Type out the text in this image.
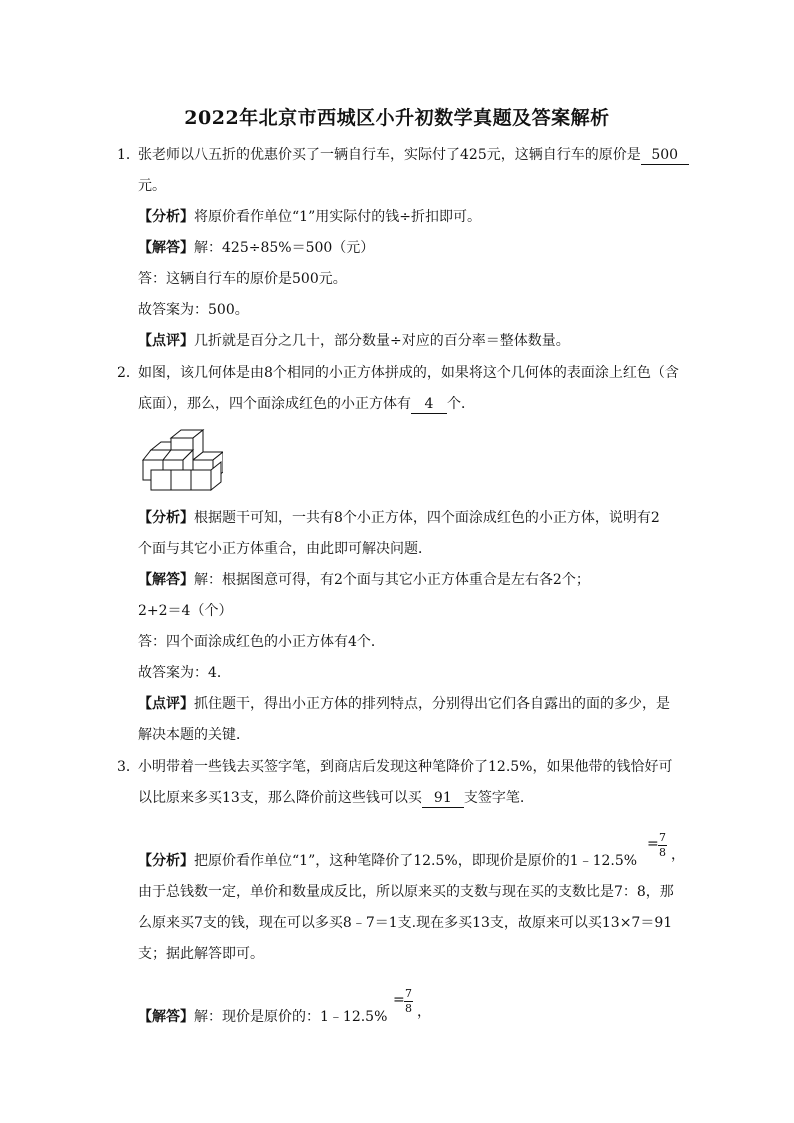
2022年北京市西城区小升初数学真题及答案解析
1．
张老师以八五折的优惠价买了一辆自行车，实际付了425元，这辆自行车的原价是 500
元。
【分析】将原价看作单位“1”用实际付的钱÷折扣即可。
【解答】解：425÷85%＝500（元）
答：这辆自行车的原价是500元。
故答案为：500。
【点评】几折就是百分之几十，部分数量÷对应的百分率＝整体数量。
2．
如图，该几何体是由8个相同的小正方体拼成的，如果将这个几何体的表面涂上红色（含
底面），那么，四个面涂成红色的小正方体有 4 个．
【分析】根据题干可知，一共有8个小正方体，四个面涂成红色的小正方体，说明有2
个面与其它小正方体重合，由此即可解决问题．
【解答】解：根据图意可得，有2个面与其它小正方体重合是左右各2个；
2+2＝4（个）
答：四个面涂成红色的小正方体有4个．
故答案为：4．
【点评】抓住题干，得出小正方体的排列特点，分别得出它们各自露出的面的多少，是
解决本题的关键．
3．
小明带着一些钱去买签字笔，到商店后发现这种笔降价了12.5%，如果他带的钱恰好可
以比原来多买13支，那么降价前这些钱可以买 91 支签字笔.
【分析】把原价看作单位“1”，这种笔降价了12.5%，即现价是原价的1﹣12.5%
= 7
8 ，
由于总钱数一定，单价和数量成反比，所以原来买的支数与现在买的支数比是7：8，那
么原来买7支的钱，现在可以多买8﹣7＝1支.现在多买13支，故原来可以买13×7＝91
支；据此解答即可。
【解答】解：现价是原价的：1﹣12.5%
= 7
8 ，
